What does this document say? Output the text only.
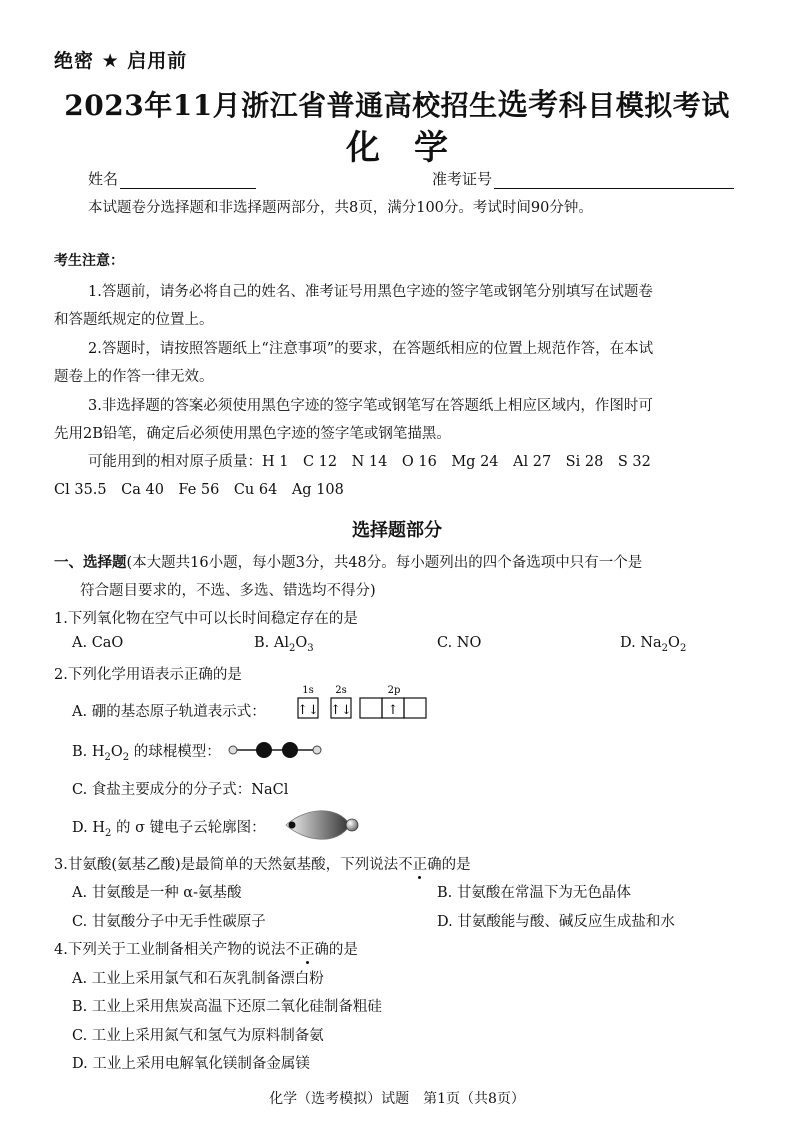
绝密 ★ 启用前
2023年11月浙江省普通高校招生选考科目模拟考试
化　学
姓名	准考证号
本试题卷分选择题和非选择题两部分，共8页，满分100分。考试时间90分钟。
考生注意：
1.答题前，请务必将自己的姓名、准考证号用黑色字迹的签字笔或钢笔分别填写在试题卷
和答题纸规定的位置上。
2.答题时，请按照答题纸上“注意事项”的要求，在答题纸相应的位置上规范作答，在本试
题卷上的作答一律无效。
3.非选择题的答案必须使用黑色字迹的签字笔或钢笔写在答题纸上相应区域内，作图时可
先用2B铅笔，确定后必须使用黑色字迹的签字笔或钢笔描黑。
可能用到的相对原子质量：H 1　C 12　N 14　O 16　Mg 24　Al 27　Si 28　S 32
Cl 35.5　Ca 40　Fe 56　Cu 64　Ag 108
选择题部分
一、选择题(本大题共16小题，每小题3分，共48分。每小题列出的四个备选项中只有一个是
符合题目要求的，不选、多选、错选均不得分)
1.下列氧化物在空气中可以长时间稳定存在的是
A. CaO	B. $Al_2O_3$	C. NO	D. $Na_2O_2$
2.下列化学用语表示正确的是
A. 硼的基态原子轨道表示式：
1s 2s	2p
↑↓ ↑↓	↑
B. $H_2O_2$ 的球棍模型：
C. 食盐主要成分的分子式：NaCl
D. $H_2$ 的 σ 键电子云轮廓图：
3.甘氨酸(氨基乙酸)是最简单的天然氨基酸，下列说法不正确的是
A. 甘氨酸是一种 α-氨基酸	B. 甘氨酸在常温下为无色晶体
C. 甘氨酸分子中无手性碳原子	D. 甘氨酸能与酸、碱反应生成盐和水
4.下列关于工业制备相关产物的说法不正确的是
A. 工业上采用氯气和石灰乳制备漂白粉
B. 工业上采用焦炭高温下还原二氧化硅制备粗硅
C. 工业上采用氮气和氢气为原料制备氨
D. 工业上采用电解氧化镁制备金属镁
化学（选考模拟）试题　第1页（共8页）
